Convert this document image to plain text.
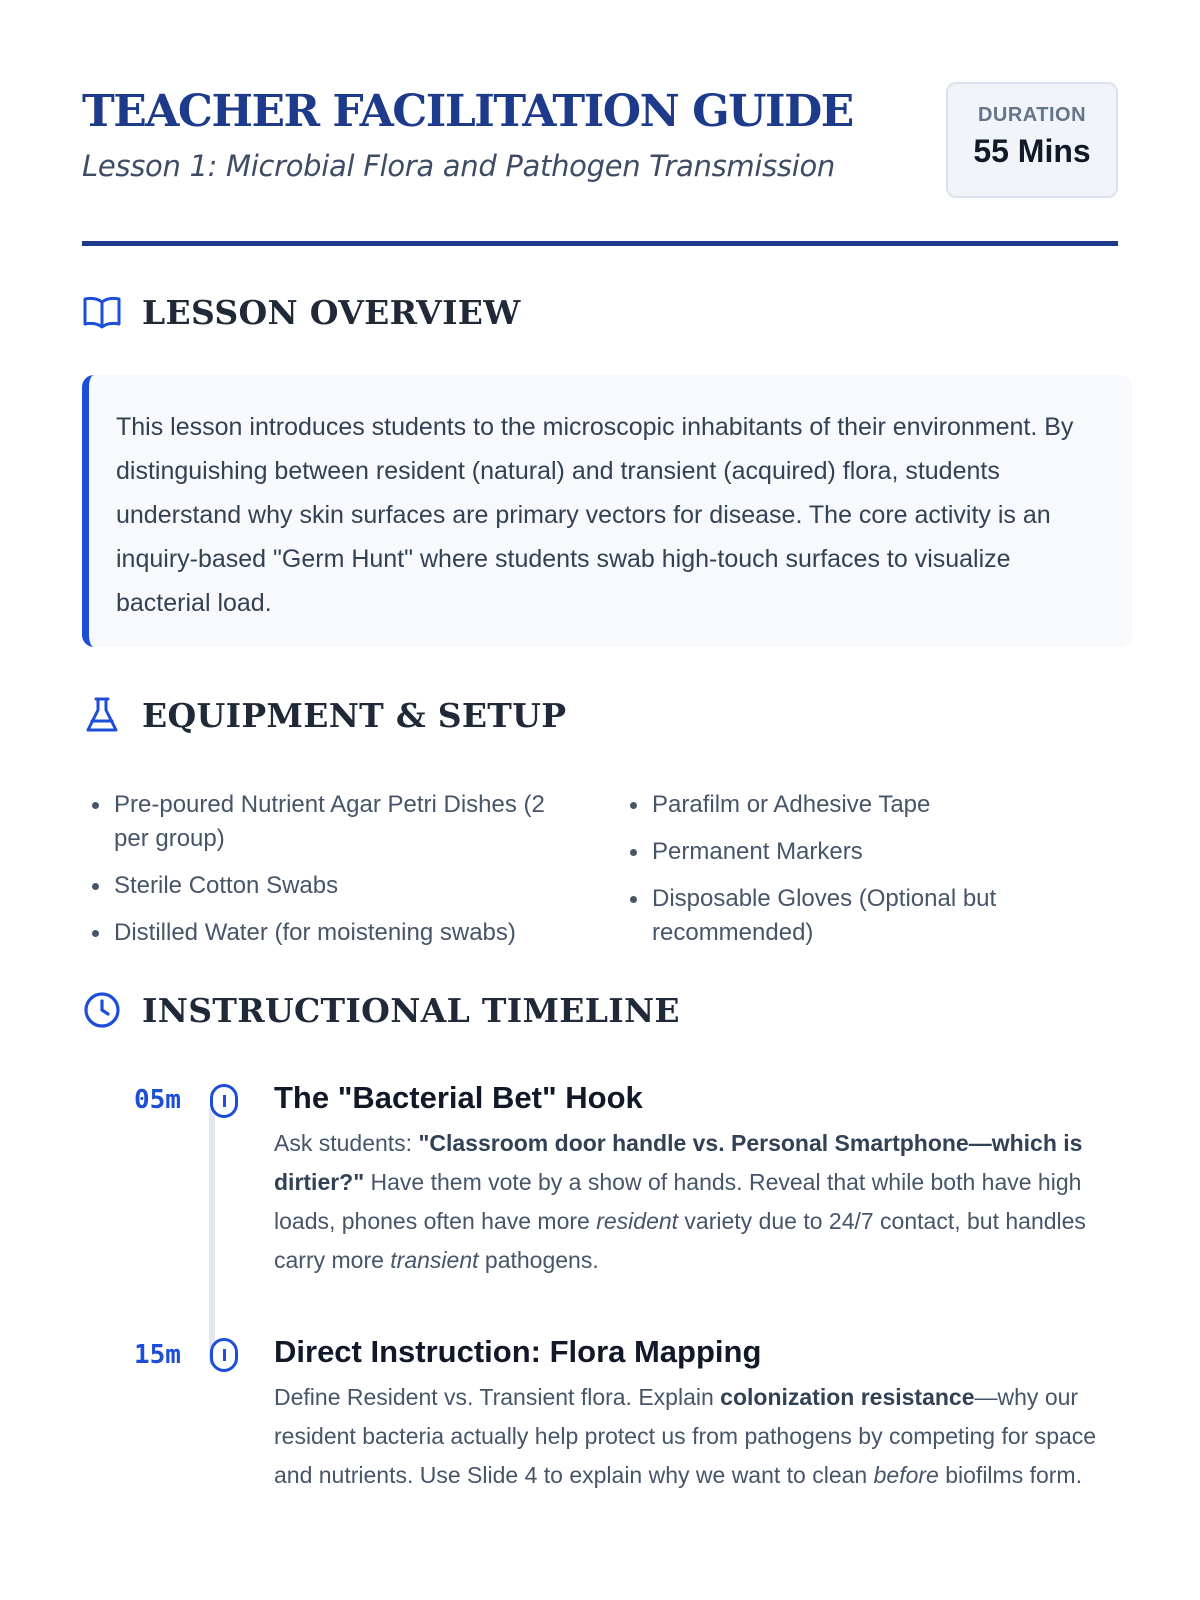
TEACHER FACILITATION GUIDE
Lesson 1: Microbial Flora and Pathogen Transmission
DURATION
55 Mins
LESSON OVERVIEW
This lesson introduces students to the microscopic inhabitants of their environment. By distinguishing between resident (natural) and transient (acquired) flora, students understand why skin surfaces are primary vectors for disease. The core activity is an inquiry-based "Germ Hunt" where students swab high-touch surfaces to visualize bacterial load.
EQUIPMENT & SETUP
Pre-poured Nutrient Agar Petri Dishes (2 per group)
Sterile Cotton Swabs
Distilled Water (for moistening swabs)
Parafilm or Adhesive Tape
Permanent Markers
Disposable Gloves (Optional but recommended)
INSTRUCTIONAL TIMELINE
05m	The "Bacterial Bet" Hook
Ask students: "Classroom door handle vs. Personal Smartphone—which is dirtier?" Have them vote by a show of hands. Reveal that while both have high loads, phones often have more resident variety due to 24/7 contact, but handles carry more transient pathogens.
15m	Direct Instruction: Flora Mapping
Define Resident vs. Transient flora. Explain colonization resistance—why our resident bacteria actually help protect us from pathogens by competing for space and nutrients. Use Slide 4 to explain why we want to clean before biofilms form.
